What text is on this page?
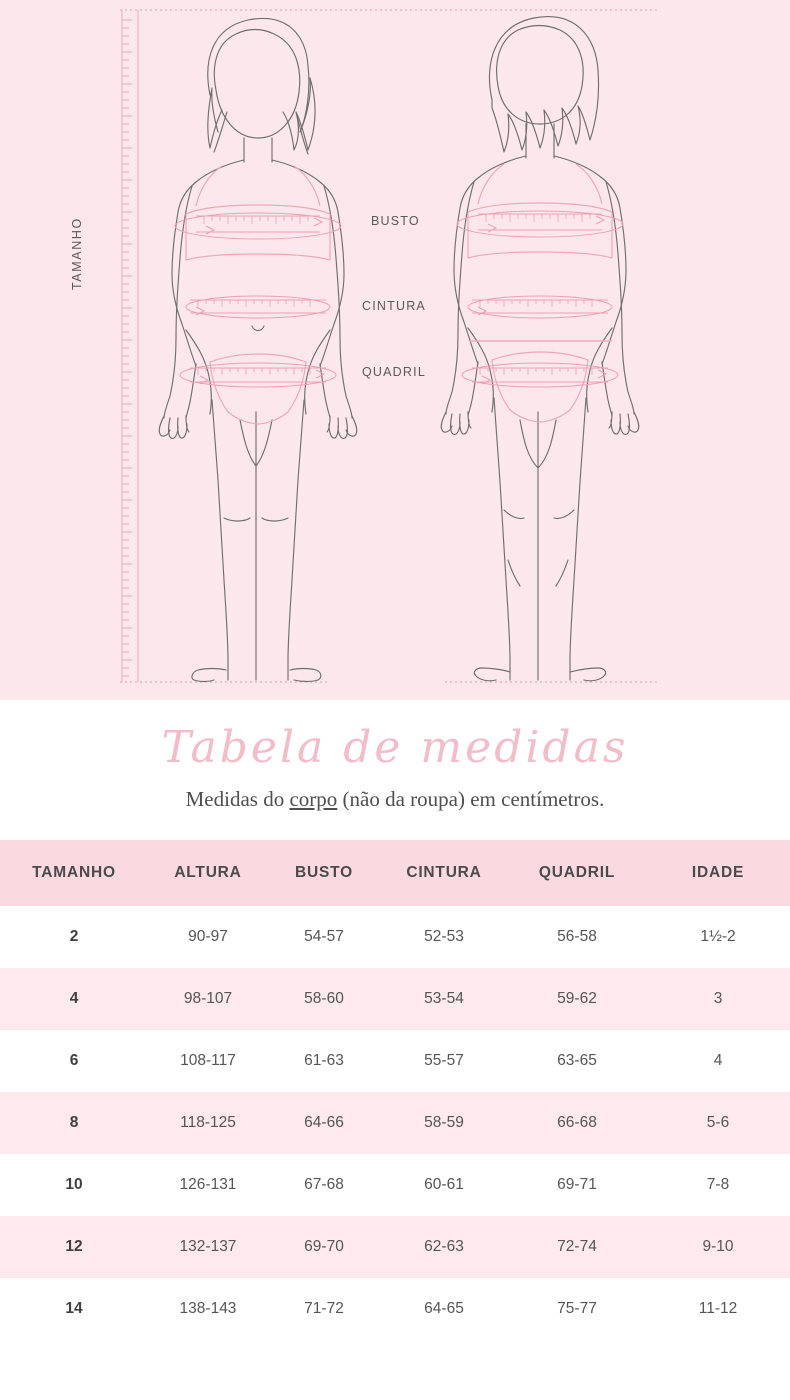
BUSTO
CINTURA
QUADRIL
TAMANHO
Tabela de medidas

Medidas do corpo (não da roupa) em centímetros.

TAMANHO	ALTURA	BUSTO	CINTURA	QUADRIL	IDADE
2	90-97	54-57	52-53	56-58	1½-2
4	98-107	58-60	53-54	59-62	3
6	108-117	61-63	55-57	63-65	4
8	118-125	64-66	58-59	66-68	5-6
10	126-131	67-68	60-61	69-71	7-8
12	132-137	69-70	62-63	72-74	9-10
14	138-143	71-72	64-65	75-77	11-12
